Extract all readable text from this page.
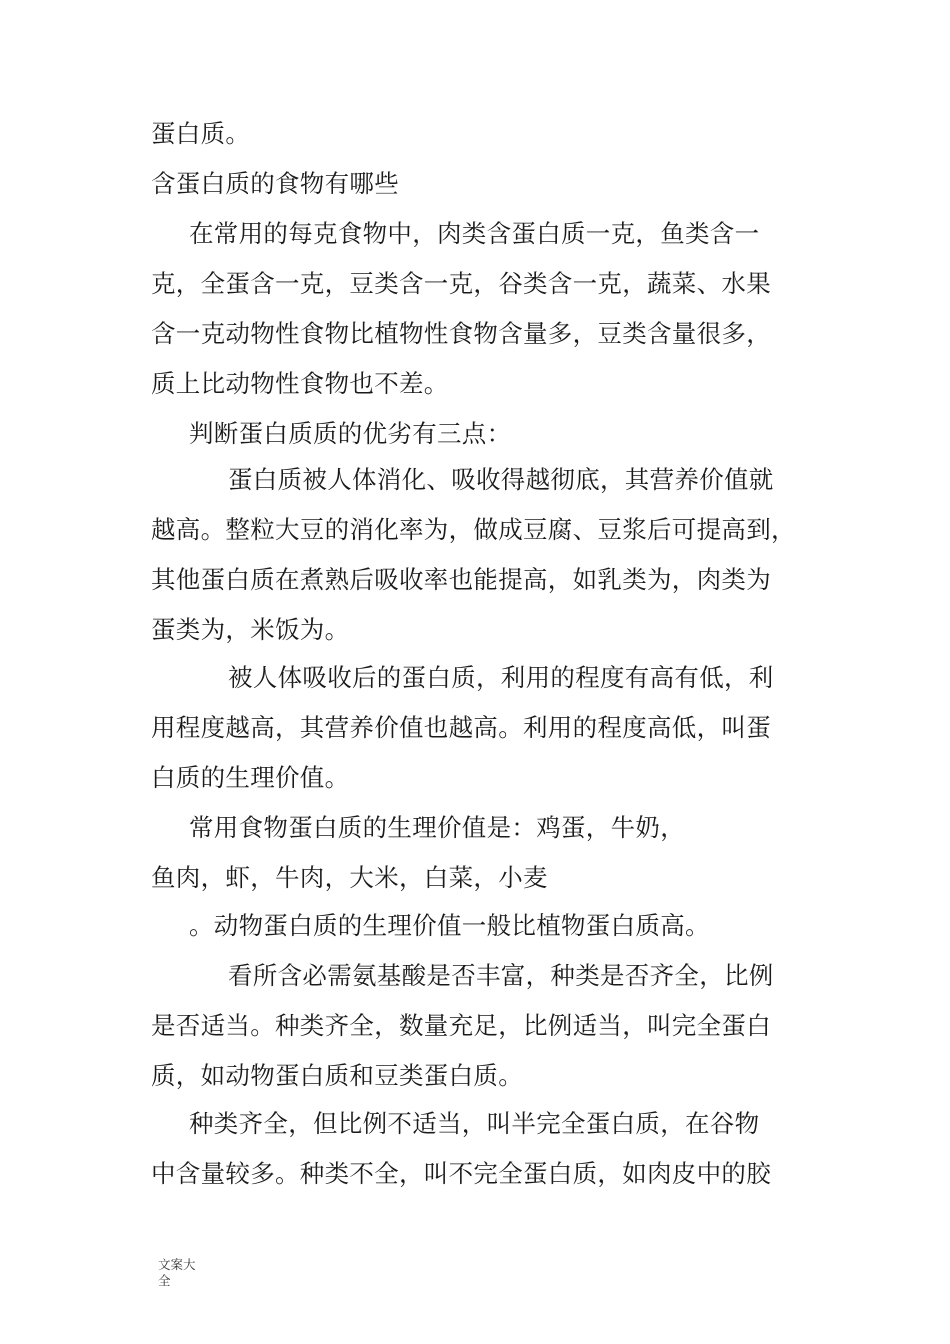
蛋白质。
含蛋白质的食物有哪些
在常用的每克食物中，肉类含蛋白质一克，鱼类含一
克，全蛋含一克，豆类含一克，谷类含一克，蔬菜、水果
含一克动物性食物比植物性食物含量多，豆类含量很多，
质上比动物性食物也不差。
判断蛋白质质的优劣有三点：
蛋白质被人体消化、吸收得越彻底，其营养价值就
越高。整粒大豆的消化率为，做成豆腐、豆浆后可提高到，
其他蛋白质在煮熟后吸收率也能提高，如乳类为，肉类为
蛋类为，米饭为。
被人体吸收后的蛋白质，利用的程度有高有低，利
用程度越高，其营养价值也越高。利用的程度高低，叫蛋
白质的生理价值。
常用食物蛋白质的生理价值是：鸡蛋，牛奶，
鱼肉，虾，牛肉，大米，白菜，小麦
。动物蛋白质的生理价值一般比植物蛋白质高。
看所含必需氨基酸是否丰富，种类是否齐全，比例
是否适当。种类齐全，数量充足，比例适当，叫完全蛋白
质，如动物蛋白质和豆类蛋白质。
种类齐全，但比例不适当，叫半完全蛋白质，在谷物
中含量较多。种类不全，叫不完全蛋白质，如肉皮中的胶
文案大全
